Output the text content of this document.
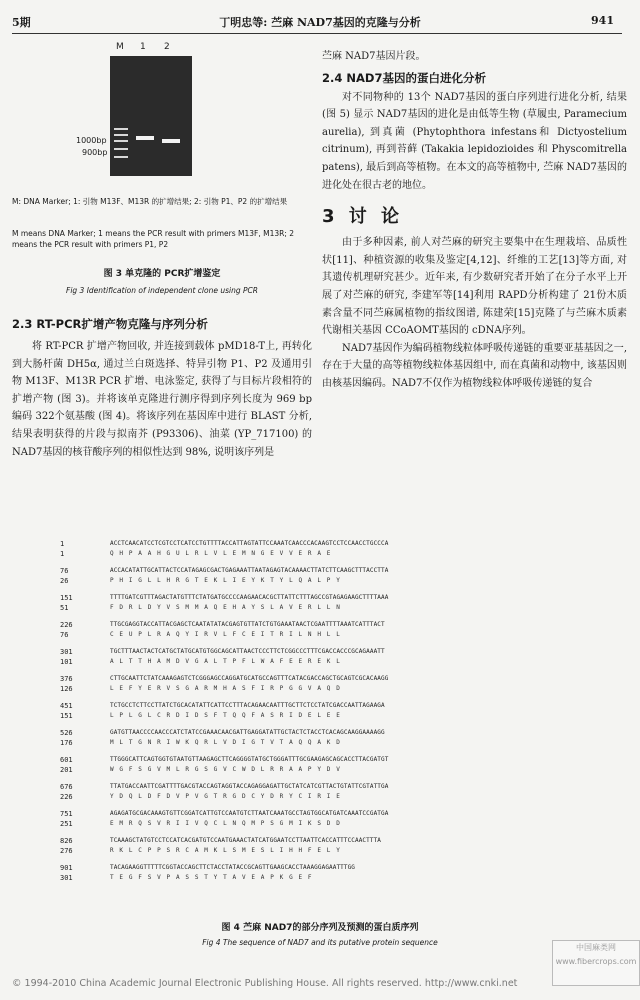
5期	丁明忠等: 苎麻 NAD7基因的克隆与分析	941
M 1 2
1000bp
900bp
M: DNA Marker; 1: 引物 M13F、M13R 的扩增结果; 2: 引物 P1、P2 的扩增结果
M means DNA Marker; 1 means the PCR result with primers M13F, M13R; 2 means the PCR result with primers P1, P2
图 3 单克隆的 PCR扩增鉴定
Fig 3 Identification of independent clone using PCR
2.3 RT-PCR扩增产物克隆与序列分析

将 RT-PCR 扩增产物回收, 并连接到载体 pMD18-T上, 再转化到大肠杆菌 DH5α, 通过兰白斑选择、特异引物 P1、P2 及通用引物 M13F、M13R PCR 扩增、电泳鉴定, 获得了与目标片段相符的扩增产物 (图 3)。并将该单克隆进行测序得到序列长度为 969 bp 编码 322个氨基酸 (图 4)。将该序列在基因库中进行 BLAST 分析, 结果表明获得的片段与拟南芥 (P93306)、油菜 (YP_717100) 的 NAD7基因的核苷酸序列的相似性达到 98%, 说明该序列是

苎麻 NAD7基因片段。

2.4 NAD7基因的蛋白进化分析

对不同物种的 13个 NAD7基因的蛋白序列进行进化分析, 结果 (图 5) 显示 NAD7基因的进化是由低等生物 (草履虫, Paramecium aurelia), 到真菌 (Phytophthora infestans和 Dictyostelium citrinum), 再到苔藓 (Takakia lepidozioides 和 Physcomitrella patens), 最后到高等植物。在本文的高等植物中, 苎麻 NAD7基因的进化处在很古老的地位。

3 讨 论

由于多种因素, 前人对苎麻的研究主要集中在生理栽培、品质性状[11]、种植资源的收集及鉴定[4,12]、纤维的工艺[13]等方面, 对其遗传机理研究甚少。近年来, 有少数研究者开始了在分子水平上开展了对苎麻的研究, 李建军等[14]利用 RAPD分析构建了 21份木质素含量不同苎麻属植物的指纹图谱, 陈建荣[15]克隆了与苎麻木质素代谢相关基因 CCoAOMT基因的 cDNA序列。

NAD7基因作为编码植物线粒体呼吸传递链的重要亚基基因之一, 存在于大量的高等植物线粒体基因组中, 而在真菌和动物中, 该基因则由核基因编码。NAD7不仅作为植物线粒体呼吸传递链的复合

1	ACCTCAACATCCTCGTCCTCATCCTGTTTTACCATTAGTATTCCAAATCAACCCACAAGTCCTCCAACCTGCCCA
1	Q H P A A H G U L R L V L E M N G E V V E R A E
76	ACCACATATTGCATTACTCCATAGAGCGACTGAGAAATTAATAGAGTACAAAACTTATCTTCAAGCTTTACCTTA
26	P H I G L L H R G T E K L I E Y K T Y L Q A L P Y
151	TTTTGATCGTTTAGACTATGTTTCTATGATGCCCCAAGAACACGCTTATTCTTTAGCCGTAGAGAAGCTTTTAAA
51	F D R L D Y V S M M A Q E H A Y S L A V E R L L N
226	TTGCGAGGTACCATTACGAGCTCAATATATACGAGTGTTATCTGTGAAATAACTCGAATTTTAAATCATTTACT
76	C E U P L R A Q Y I R V L F C E I T R I L N H L L
301	TGCTTTAACTACTCATGCTATGCATGTGGCAGCATTAACTCCCTTCTCGGCCCTTTCGACCACCCGCAGAAATT
101	A L T T H A M D V G A L T P F L W A F E E R E K L
376	CTTGCAATTCTATCAAAGAGTCTCGGGAGCCAGGATGCATGCCAGTTTCATACGACCAGCTGCAGTCGCACAAGG
126	L E F Y E R V S G A R M H A S F I R P G G V A Q D
451	TCTGCCTCTTCCTTATCTGCACATATTCATTCCTTTACAGAACAATTTGCTTCTCCTATCGACCAATTAGAAGA
151	L P L G L C R D I D S F T Q Q F A S R I D E L E E
526	GATGTTAACCCCAACCCATCTATCCGAAACAACGATTGAGGATATTGCTACTCTACCTCACAGCAAGGAAAAGG
176	M L T G N R I W K Q R L V D I G T V T A Q Q A K D
601	TTGGGCATTCAGTGGTGTAATGTTAAGAGCTTCAGGGGTATGCTGGGATTTGCGAAGAGCAGCACCTTACGATGT
201	W G F S G V M L R G S G V C W D L R R A A P Y D V
676	TTATGACCAATTCGATTTTGACGTACCAGTAGGTACCAGAGGAGATTGCTATCATCGTTACTGTATTCGTATTGA
226	Y D Q L D F D V P V G T R G D C Y D R Y C I R I E
751	AGAGATGCGACAAAGTGTTCGGATCATTGTCCAATGTCTTAATCAAATGCCTAGTGGCATGATCAAATCCGATGA
251	E M R Q S V R I I V Q C L N Q M P S G M I K S D D
826	TCAAAGCTATGTCCTCCATCACGATGTCCAATGAAACTATCATGGAATCCTTAATTCACCATTTCCAACTTTA
276	R K L C P P S R C A M K L S M E S L I H H F E L Y
901	TACAGAAGGTTTTTCGGTACCAGCTTCTACCTATACCGCAGTTGAAGCACCTAAAGGAGAATTTGG
301	T E G F S V P A S S T Y T A V E A P K G E F
图 4 苎麻 NAD7的部分序列及预测的蛋白质序列
Fig 4 The sequence of NAD7 and its putative protein sequence
© 1994-2010 China Academic Journal Electronic Publishing House. All rights reserved. http://www.cnki.net
中国麻类网
www.fibercrops.com
